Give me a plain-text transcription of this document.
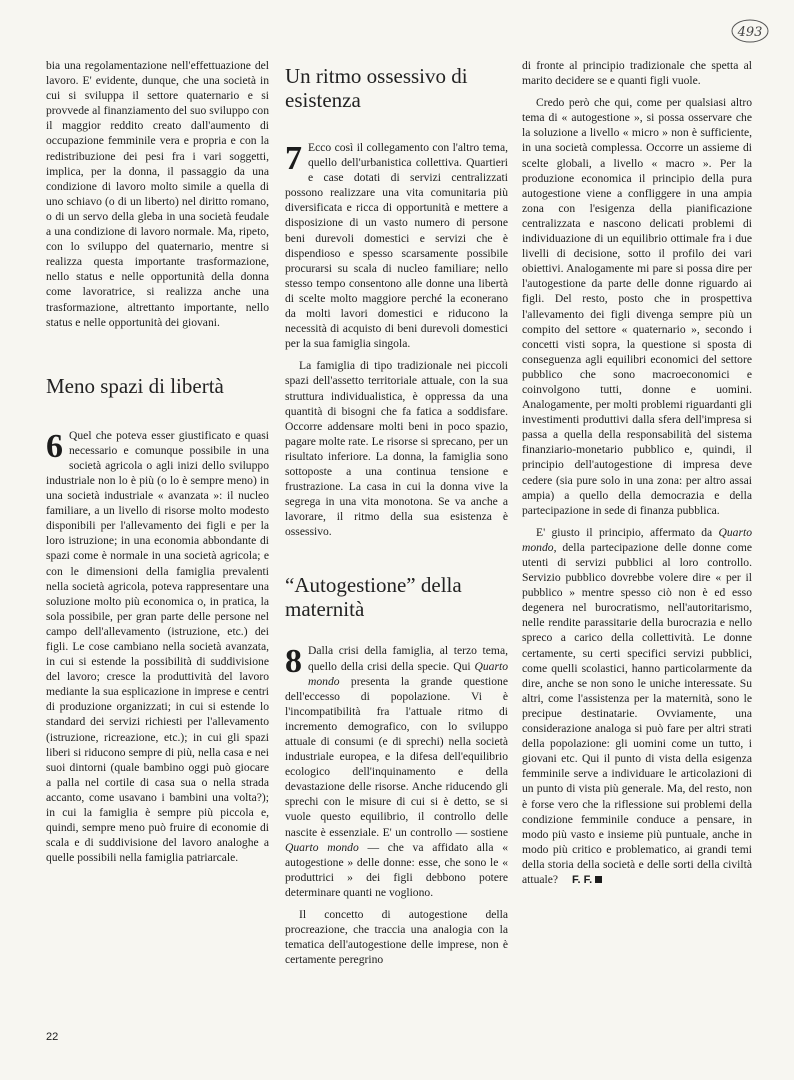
493

bia una regolamentazione nell'effettuazione del lavoro. E' evidente, dunque, che una società in cui si sviluppa il settore quaternario e si provvede al finanziamento del suo sviluppo con il maggior reddito creato dall'aumento di occupazione femminile vera e propria e con la redistribuzione dei pesi fra i vari soggetti, implica, per la donna, il passaggio da una condizione di lavoro molto simile a quella di uno schiavo (o di un liberto) nel diritto romano, o di un servo della gleba in una società feudale a una condizione di lavoro normale. Ma, ripeto, con lo sviluppo del quaternario, mentre si realizza questa importante trasformazione, nello status e nelle opportunità della donna come lavoratrice, si realizza anche una trasformazione, altrettanto importante, nello status e nelle opportunità dei giovani.

Meno spazi di libertà

6 Quel che poteva esser giustificato e quasi necessario e comunque possibile in una società agricola o agli inizi dello sviluppo industriale non lo è più (o lo è sempre meno) in una società industriale « avanzata »: il nucleo familiare, a un livello di risorse molto modesto disponibili per l'allevamento dei figli e per la loro istruzione; in una economia abbondante di spazi come è normale in una società agricola; e con le dimensioni della famiglia prevalenti nella società agricola, poteva rappresentare una soluzione molto più economica o, in pratica, la sola possibile, per gran parte delle persone nel campo dell'allevamento (istruzione, etc.) dei figli. Le cose cambiano nella società avanzata, in cui si estende la possibilità di suddivisione del lavoro; cresce la produttività del lavoro mediante la sua esplicazione in imprese e centri di produzione organizzati; in cui si estende lo standard dei servizi richiesti per l'allevamento (istruzione, ricreazione, etc.); in cui gli spazi liberi si riducono sempre di più, nella casa e nei suoi dintorni (quale bambino oggi può giocare a palla nel cortile di casa sua o nella strada accanto, come usavano i bambini una volta?); in cui la famiglia è sempre più piccola e, quindi, sempre meno può fruire di economie di scala e di suddivisione del lavoro analoghe a quelle possibili nella famiglia patriarcale.

Un ritmo ossessivo di esistenza

7 Ecco così il collegamento con l'altro tema, quello dell'urbanistica collettiva. Quartieri e case dotati di servizi centralizzati possono realizzare una vita comunitaria più diversificata e ricca di opportunità e mettere a disposizione di un vasto numero di persone beni durevoli domestici e servizi che è dispendioso e spesso scarsamente possibile procurarsi su scala di nucleo familiare; nello stesso tempo consentono alle donne una libertà di scelte molto maggiore perché la econerano da molti lavori domestici e riducono la necessità di acquisto di beni durevoli domestici per la sua famiglia singola.

La famiglia di tipo tradizionale nei piccoli spazi dell'assetto territoriale attuale, con la sua struttura individualistica, è oppressa da una quantità di bisogni che fa fatica a soddisfare. Occorre addensare molti beni in poco spazio, pagare molte rate. Le risorse si sprecano, per un risultato inferiore. La donna, la famiglia sono sottoposte a una continua tensione e frustrazione. La casa in cui la donna vive la segrega in una vita monotona. Se va anche a lavorare, il ritmo della sua esistenza è ossessivo.

“Autogestione” della maternità

8 Dalla crisi della famiglia, al terzo tema, quello della crisi della specie. Qui Quarto mondo presenta la grande questione dell'eccesso di popolazione. Vi è l'incompatibilità fra l'attuale ritmo di incremento demografico, con lo sviluppo attuale di consumi (e di sprechi) nella società industriale europea, e la difesa dell'equilibrio ecologico dell'inquinamento e della devastazione delle risorse. Anche riducendo gli sprechi con le misure di cui si è detto, se si vuole questo equilibrio, il controllo delle nascite è essenziale. E' un controllo — sostiene Quarto mondo — che va affidato alla « autogestione » delle donne: esse, che sono le « produttrici » dei figli debbono potere determinare quanti ne vogliono.

Il concetto di autogestione della procreazione, che traccia una analogia con la tematica dell'autogestione delle imprese, non è certamente peregrino

di fronte al principio tradizionale che spetta al marito decidere se e quanti figli vuole.

Credo però che qui, come per qualsiasi altro tema di « autogestione », si possa osservare che la soluzione a livello « micro » non è sufficiente, in una società complessa. Occorre un assieme di scelte globali, a livello « macro ». Per la produzione economica il principio della pura autogestione viene a confliggere in una ampia zona con l'esigenza della pianificazione centralizzata e nascono delicati problemi di individuazione di un equilibrio ottimale fra i due livelli di decisione, sotto il profilo dei vari obiettivi. Analogamente mi pare si possa dire per l'autogestione da parte delle donne riguardo ai figli. Del resto, posto che in prospettiva l'allevamento dei figli divenga sempre più un compito del settore « quaternario », secondo i concetti visti sopra, la questione si sposta di conseguenza agli equilibri economici del settore pubblico che sono macroeconomici e coinvolgono tutti, donne e uomini. Analogamente, per molti problemi riguardanti gli investimenti produttivi dalla sfera dell'impresa si passa a quella della responsabilità del sistema finanziario-monetario pubblico e, quindi, il principio dell'autogestione di impresa deve cedere (sia pure solo in una zona: per altro assai ampia) a quello della democrazia e della partecipazione in sede di finanza pubblica.

E' giusto il principio, affermato da Quarto mondo, della partecipazione delle donne come utenti di servizi pubblici al loro controllo. Servizio pubblico dovrebbe volere dire « per il pubblico » mentre spesso ciò non è ed esso degenera nel burocratismo, nell'autoritarismo, nelle rendite parassitarie della burocrazia e nello spreco a carico della collettività. Le donne certamente, su certi specifici servizi pubblici, come quelli scolastici, hanno particolarmente da dire, anche se non sono le uniche interessate. Su altri, come l'assistenza per la maternità, sono le precipue destinatarie. Ovviamente, una considerazione analoga si può fare per altri strati della popolazione: gli uomini come un tutto, i giovani etc. Qui il punto di vista della esigenza femminile serve a individuare le articolazioni di un punto di vista più generale. Ma, del resto, non è forse vero che la riflessione sui problemi della condizione femminile conduce a pensare, in modo più vasto e insieme più puntuale, anche in modo più critico e problematico, ai grandi temi della storia della società e delle sorti della civiltà attuale? F. F.

22
